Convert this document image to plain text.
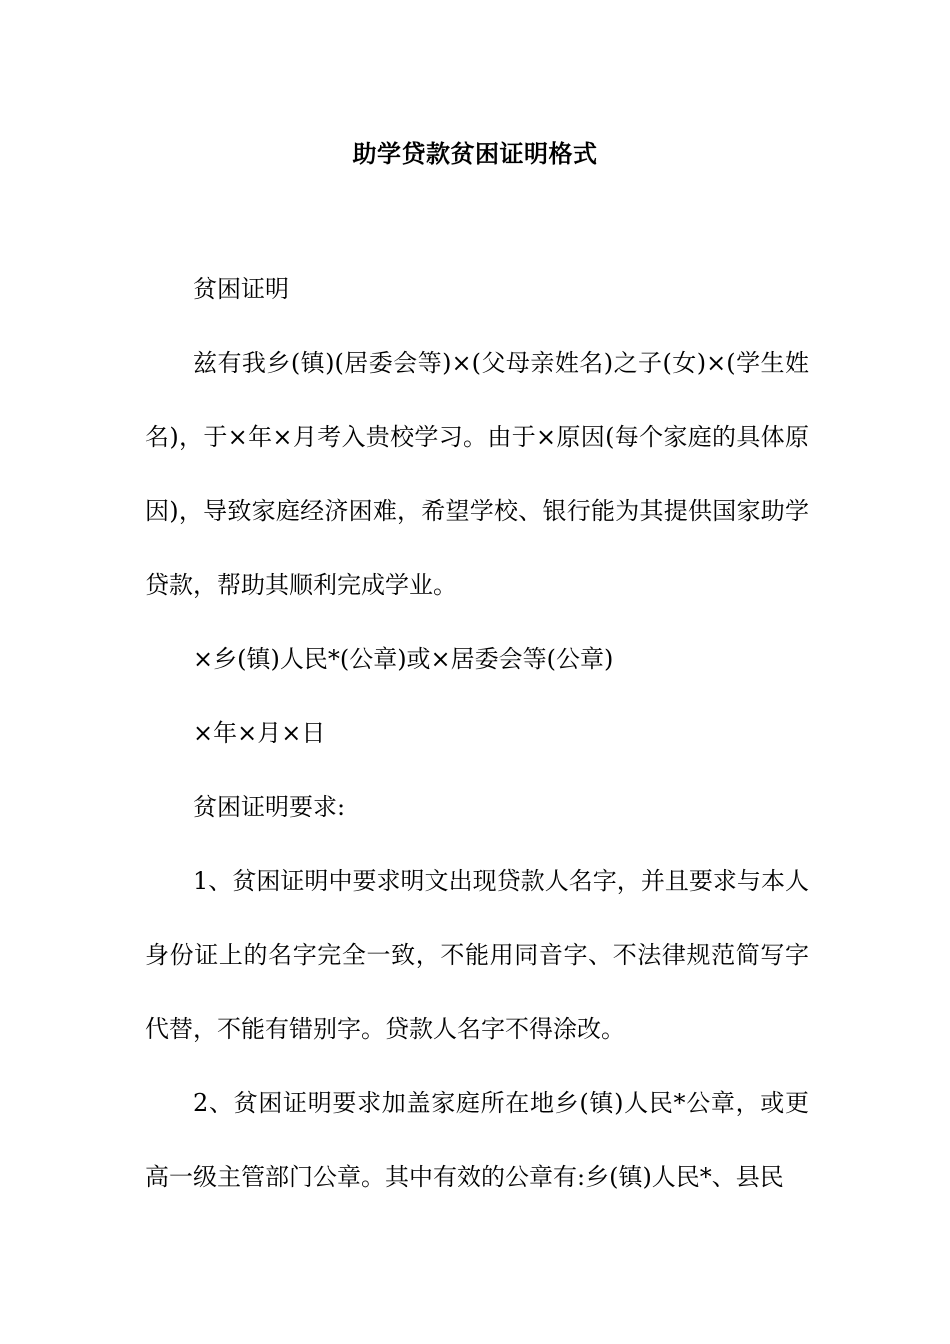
助学贷款贫困证明格式

贫困证明

兹有我乡(镇)(居委会等)×(父母亲姓名)之子(女)×(学生姓名)，于×年×月考入贵校学习。由于×原因(每个家庭的具体原因)，导致家庭经济困难，希望学校、银行能为其提供国家助学贷款，帮助其顺利完成学业。

×乡(镇)人民*(公章)或×居委会等(公章)

×年×月×日

贫困证明要求:

1、贫困证明中要求明文出现贷款人名字，并且要求与本人身份证上的名字完全一致，不能用同音字、不法律规范简写字代替，不能有错别字。贷款人名字不得涂改。

2、贫困证明要求加盖家庭所在地乡(镇)人民*公章，或更高一级主管部门公章。其中有效的公章有:乡(镇)人民*、县民
